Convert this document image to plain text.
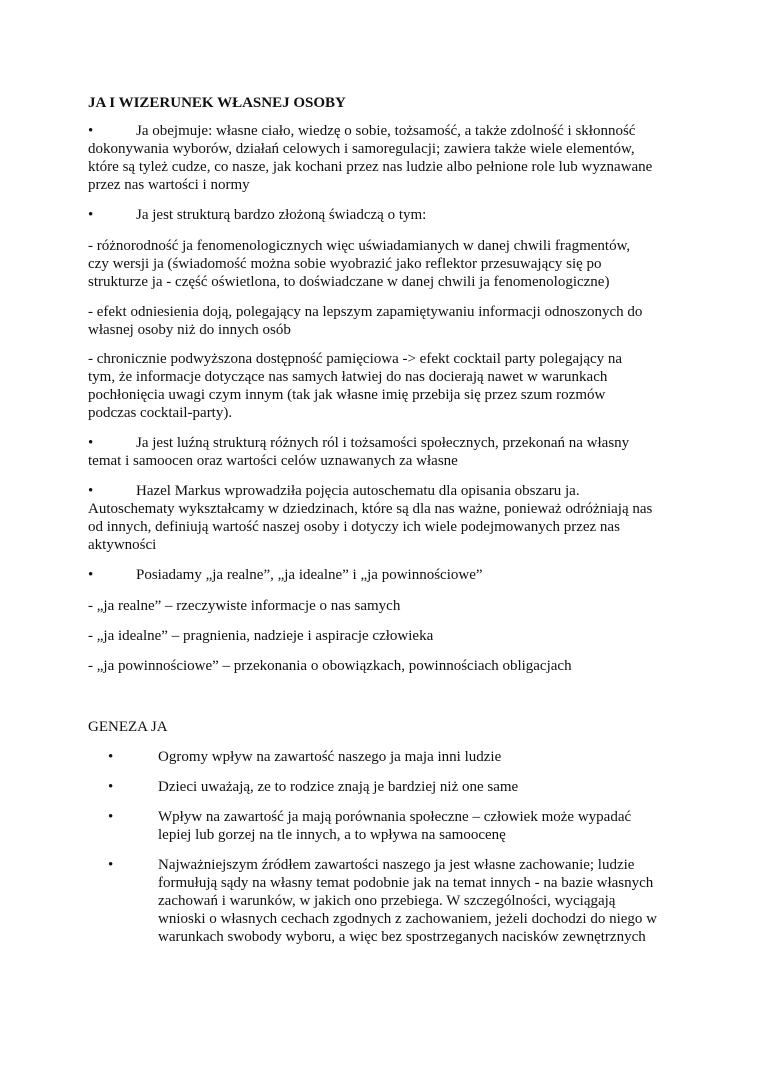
JA I WIZERUNEK WŁASNEJ OSOBY
•	Ja obejmuje: własne ciało, wiedzę o sobie, tożsamość, a także zdolność i skłonność
dokonywania wyborów, działań celowych i samoregulacji; zawiera także wiele elementów,
które są tyleż cudze, co nasze, jak kochani przez nas ludzie albo pełnione role lub wyznawane
przez nas wartości i normy
•	Ja jest strukturą bardzo złożoną świadczą o tym:
- różnorodność ja fenomenologicznych więc uświadamianych w danej chwili fragmentów,
czy wersji ja (świadomość można sobie wyobrazić jako reflektor przesuwający się po
strukturze ja - część oświetlona, to doświadczane w danej chwili ja fenomenologiczne)
- efekt odniesienia doją, polegający na lepszym zapamiętywaniu informacji odnoszonych do
własnej osoby niż do innych osób
- chronicznie podwyższona dostępność pamięciowa -> efekt cocktail party polegający na
tym, że informacje dotyczące nas samych łatwiej do nas docierają nawet w warunkach
pochłonięcia uwagi czym innym (tak jak własne imię przebija się przez szum rozmów
podczas cocktail-party).
•	Ja jest luźną strukturą różnych ról i tożsamości społecznych, przekonań na własny
temat i samoocen oraz wartości celów uznawanych za własne
•	Hazel Markus wprowadziła pojęcia autoschematu dla opisania obszaru ja.
Autoschematy wykształcamy w dziedzinach, które są dla nas ważne, ponieważ odróżniają nas
od innych, definiują wartość naszej osoby i dotyczy ich wiele podejmowanych przez nas
aktywności
•	Posiadamy „ja realne”, „ja idealne” i „ja powinnościowe”
- „ja realne” – rzeczywiste informacje o nas samych
- „ja idealne” – pragnienia, nadzieje i aspiracje człowieka
- „ja powinnościowe” – przekonania o obowiązkach, powinnościach obligacjach
GENEZA JA
•	Ogromy wpływ na zawartość naszego ja maja inni ludzie
•	Dzieci uważają, ze to rodzice znają je bardziej niż one same
•	Wpływ na zawartość ja mają porównania społeczne – człowiek może wypadać
lepiej lub gorzej na tle innych, a to wpływa na samoocenę
•	Najważniejszym źródłem zawartości naszego ja jest własne zachowanie; ludzie
formułują sądy na własny temat podobnie jak na temat innych - na bazie własnych
zachowań i warunków, w jakich ono przebiega. W szczególności, wyciągają
wnioski o własnych cechach zgodnych z zachowaniem, jeżeli dochodzi do niego w
warunkach swobody wyboru, a więc bez spostrzeganych nacisków zewnętrznych
